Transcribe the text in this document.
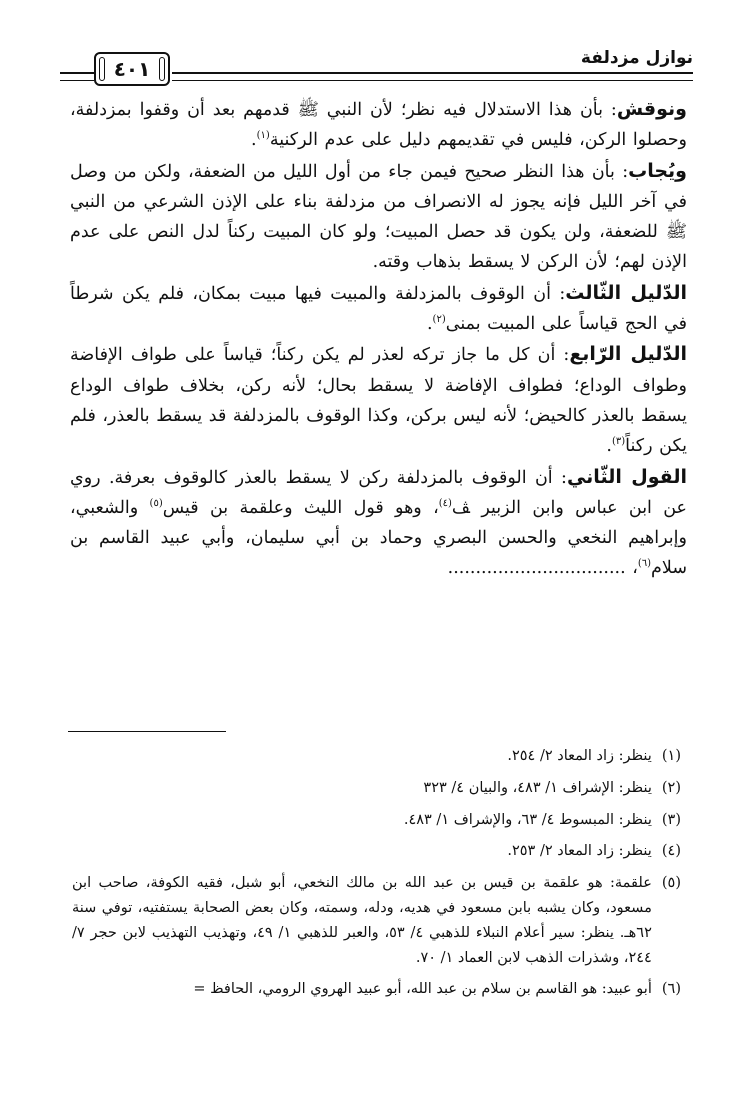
نوازل مزدلفة
٤٠١

ونوقش: بأن هذا الاستدلال فيه نظر؛ لأن النبي ﷺ قدمهم بعد أن وقفوا بمزدلفة، وحصلوا الركن، فليس في تقديمهم دليل على عدم الركنية$^{(١)}$.

ويُجاب: بأن هذا النظر صحيح فيمن جاء من أول الليل من الضعفة، ولكن من وصل في آخر الليل فإنه يجوز له الانصراف من مزدلفة بناء على الإذن الشرعي من النبي ﷺ للضعفة، ولن يكون قد حصل المبيت؛ ولو كان المبيت ركناً لدل النص على عدم الإذن لهم؛ لأن الركن لا يسقط بذهاب وقته.

الدّليل الثّالث: أن الوقوف بالمزدلفة والمبيت فيها مبيت بمكان، فلم يكن شرطاً في الحج قياساً على المبيت بمنى$^{(٢)}$.

الدّليل الرّابع: أن كل ما جاز تركه لعذر لم يكن ركناً؛ قياساً على طواف الإفاضة وطواف الوداع؛ فطواف الإفاضة لا يسقط بحال؛ لأنه ركن، بخلاف طواف الوداع يسقط بالعذر كالحيض؛ لأنه ليس بركن، وكذا الوقوف بالمزدلفة قد يسقط بالعذر، فلم يكن ركناً$^{(٣)}$.

القول الثّاني: أن الوقوف بالمزدلفة ركن لا يسقط بالعذر كالوقوف بعرفة. روي عن ابن عباس وابن الزبير ﭫ$^{(٤)}$، وهو قول الليث وعلقمة بن قيس$^{(٥)}$ والشعبي، وإبراهيم النخعي والحسن البصري وحماد بن أبي سليمان، وأبي عبيد القاسم بن سلام$^{(٦)}$، ................................

(١)
ينظر: زاد المعاد ٢/ ٢٥٤.
(٢)
ينظر: الإشراف ١/ ٤٨٣، والبيان ٤/ ٣٢٣
(٣)
ينظر: المبسوط ٤/ ٦٣، والإشراف ١/ ٤٨٣.
(٤)
ينظر: زاد المعاد ٢/ ٢٥٣.
(٥)
علقمة: هو علقمة بن قيس بن عبد الله بن مالك النخعي، أبو شبل، فقيه الكوفة، صاحب ابن مسعود، وكان يشبه بابن مسعود في هديه، ودله، وسمته، وكان بعض الصحابة يستفتيه، توفي سنة ٦٢هـ. ينظر: سير أعلام النبلاء للذهبي ٤/ ٥٣، والعبر للذهبي ١/ ٤٩، وتهذيب التهذيب لابن حجر ٧/ ٢٤٤، وشذرات الذهب لابن العماد ١/ ٧٠.
(٦)
أبو عبيد: هو القاسم بن سلام بن عبد الله، أبو عبيد الهروي الرومي، الحافظ =
